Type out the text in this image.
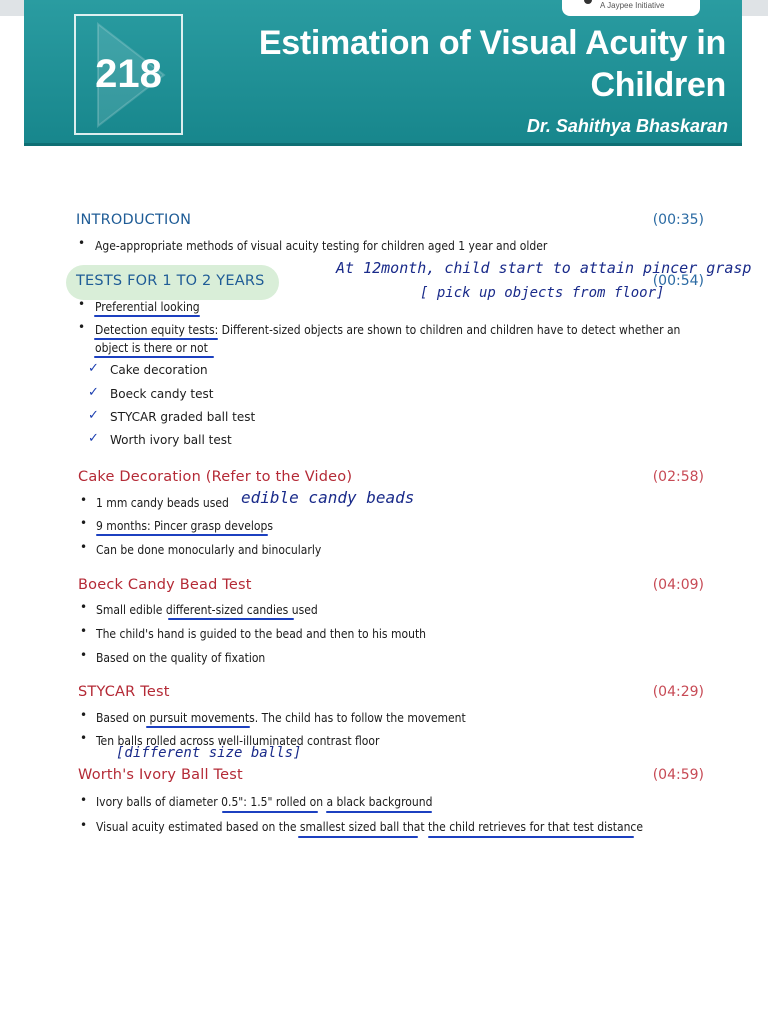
A Jaypee Initiative
218
Estimation of Visual Acuity in Children
Dr. Sahithya Bhaskaran
INTRODUCTION	(00:35)
• Age-appropriate methods of visual acuity testing for children aged 1 year and older
TESTS FOR 1 TO 2 YEARS	(00:54)
At 12month, child start to attain pincer grasp
[ pick up objects from floor]
• Preferential looking
• Detection equity tests: Different-sized objects are shown to children and children have to detect whether an
object is there or not
✓ Cake decoration
✓ Boeck candy test
✓ STYCAR graded ball test
✓ Worth ivory ball test
Cake Decoration (Refer to the Video)	(02:58)
• 1 mm candy beads used edible candy beads
• 9 months: Pincer grasp develops
• Can be done monocularly and binocularly
Boeck Candy Bead Test	(04:09)
• Small edible different-sized candies used
• The child's hand is guided to the bead and then to his mouth
• Based on the quality of fixation
STYCAR Test	(04:29)
• Based on pursuit movements. The child has to follow the movement
• Ten balls rolled across well-illuminated contrast floor
[different size balls]
Worth's Ivory Ball Test	(04:59)
• Ivory balls of diameter 0.5": 1.5" rolled on a black background
• Visual acuity estimated based on the smallest sized ball that the child retrieves for that test distance
